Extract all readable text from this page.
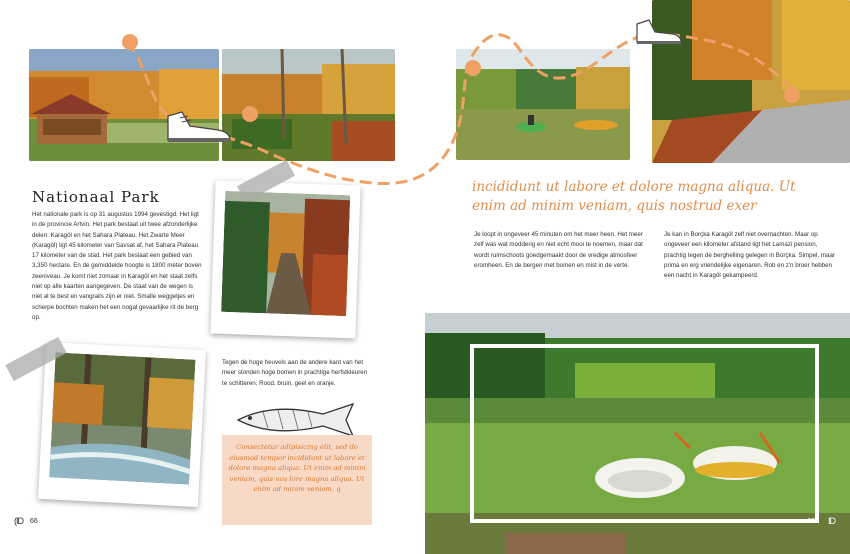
Nationaal Park
Het nationale park is op 31 augustus 1994 gevestigd. Het ligt in de provincie Artvin. Het park bestaat uit twee afzonderlijke delen: Karagöl en het Sahara Plateau. Het Zwarte Meer (Karagöl) ligt 45 kilometer van Savsat af, het Sahara Plateau 17 kilometer van de stad. Het park beslaat een gebied van 3,350 hectare. En de gemiddelde hoogte is 1800 meter boven zeeniveau. Je komt niet zomaar in Karagöl en het staat zelfs niet op alle kaarten aangegeven. De staat van de wegen is niet al te best en vangrails zijn er niet. Smalle weggetjes en scherpe bochten maken het een nogal gevaarlijke rit de berg op.
Tegen de hoge heuvels aan de andere kant van het meer stonden hoge bomen in prachtige herfstkleuren te schitteren. Rood, bruin, geel en oranje.
Consectetur adipisicing elit, sed do eiusmod tempor incididunt ut labore et dolore magna aliqua. Ut enim ad minim veniam, quis nos lore magna aliqua. Ut enim ad minim veniam, q
(ID 66
incididunt ut labore et dolore magna aliqua. Ut enim ad minim veniam, quis nostrud exer
Je loopt in ongeveer 45 minuten om het meer heen. Het meer zelf was wat modderig en niet echt mooi te noemen, maar dat wordt ruimschoots goedgemaakt door de vredige atmosfeer eromheen. En de bergen met bomen en mist in de verte.
Je kan in Borçka Karagöl zelf niet overnachten. Maar op ongeveer een kilometer afstand ligt het Lamazi pension, prachtig tegen de berghelling gelegen in Borçka. Simpel, maar prima en erg vriendelijke eigenaren. Rob en z'n broer hebben een nacht in Karagöl gekampeerd.
67 ID
